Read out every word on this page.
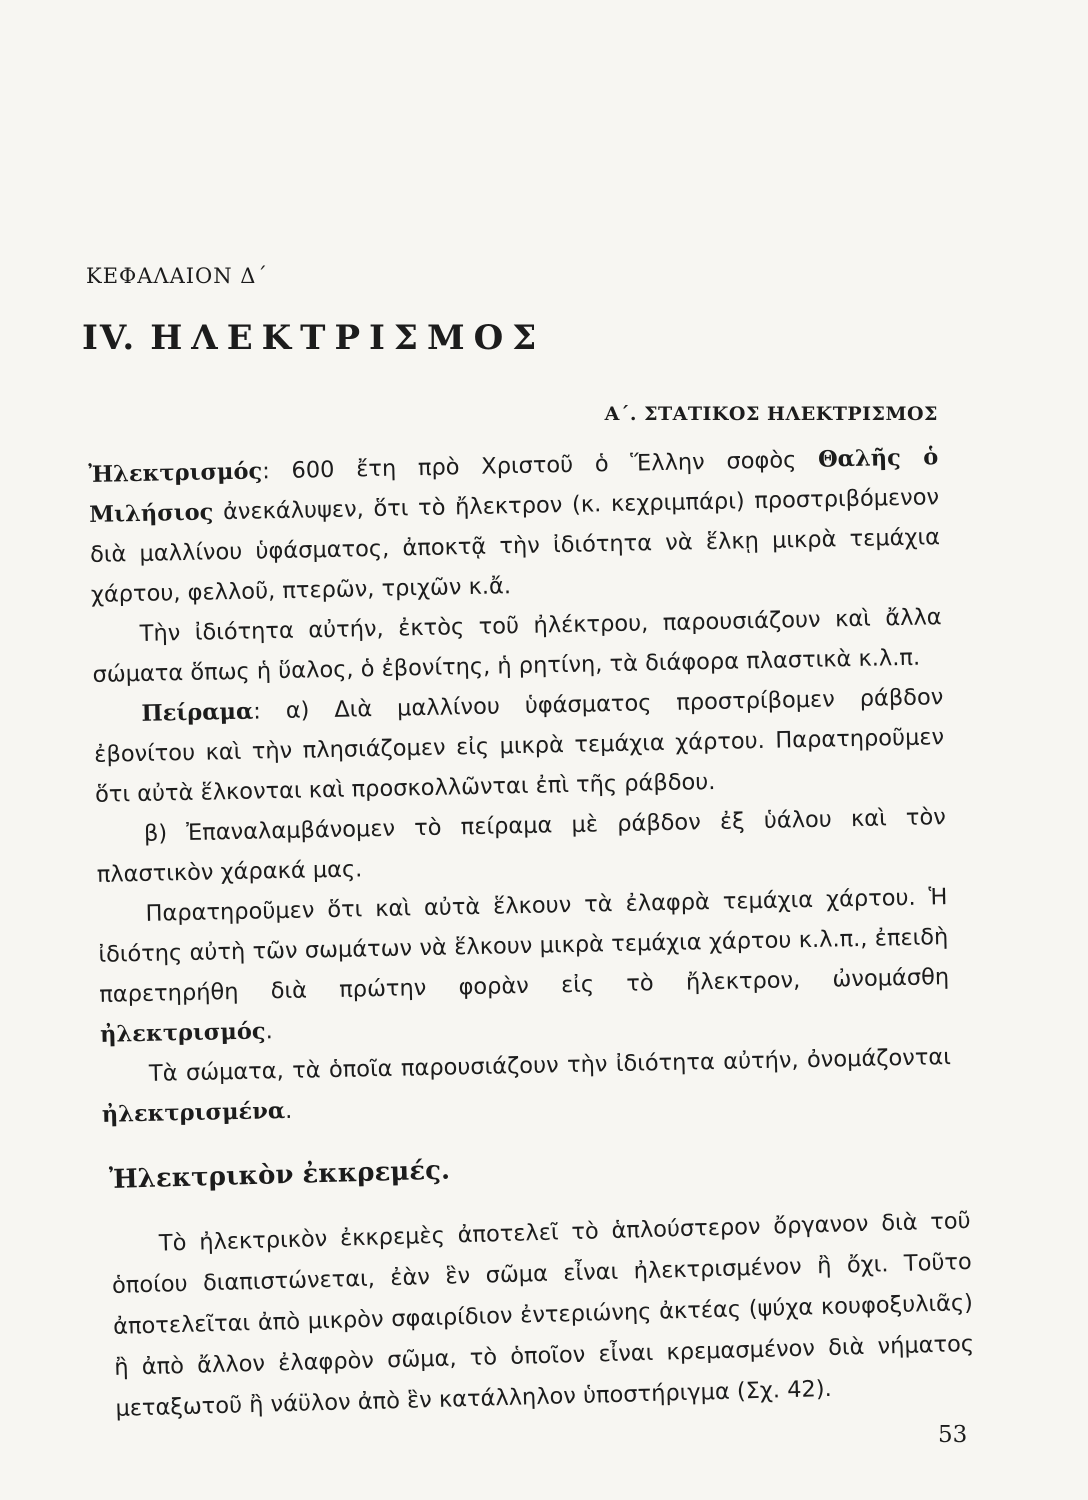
ΚΕΦΑΛΑΙΟΝ Δ΄
IV. ΗΛΕΚΤΡΙΣΜΟΣ
Α΄. ΣΤΑΤΙΚΟΣ ΗΛΕΚΤΡΙΣΜΟΣ

Ἠλεκτρισμός: 600 ἔτη πρὸ Χριστοῦ ὁ Ἕλλην σοφὸς Θαλῆς ὁ Μιλήσιος ἀνεκάλυψεν, ὅτι τὸ ἤλεκτρον (κ. κεχριμπάρι) προστριβόμενον διὰ μαλλίνου ὑφάσματος, ἀποκτᾷ τὴν ἰδιότητα νὰ ἕλκῃ μικρὰ τεμάχια χάρτου, φελλοῦ, πτερῶν, τριχῶν κ.ἄ.

Τὴν ἰδιότητα αὐτήν, ἐκτὸς τοῦ ἠλέκτρου, παρουσιάζουν καὶ ἄλλα σώματα ὅπως ἡ ὕαλος, ὁ ἐβονίτης, ἡ ρητίνη, τὰ διάφορα πλαστικὰ κ.λ.π.

Πείραμα: α) Διὰ μαλλίνου ὑφάσματος προστρίβομεν ράβδον ἐβονίτου καὶ τὴν πλησιάζομεν εἰς μικρὰ τεμάχια χάρτου. Παρατηροῦμεν ὅτι αὐτὰ ἕλκονται καὶ προσκολλῶνται ἐπὶ τῆς ράβδου.

β) Ἐπαναλαμβάνομεν τὸ πείραμα μὲ ράβδον ἐξ ὑάλου καὶ τὸν πλαστικὸν χάρακά μας.

Παρατηροῦμεν ὅτι καὶ αὐτὰ ἕλκουν τὰ ἐλαφρὰ τεμάχια χάρτου. Ἡ ἰδιότης αὐτὴ τῶν σωμάτων νὰ ἕλκουν μικρὰ τεμάχια χάρτου κ.λ.π., ἐπειδὴ παρετηρήθη διὰ πρώτην φορὰν εἰς τὸ ἤλεκτρον, ὠνομάσθη ἠλεκτρισμός.

Τὰ σώματα, τὰ ὁποῖα παρουσιάζουν τὴν ἰδιότητα αὐτήν, ὀνομάζονται ἠλεκτρισμένα.

Ἠλεκτρικὸν ἐκκρεμές.

Τὸ ἠλεκτρικὸν ἐκκρεμὲς ἀποτελεῖ τὸ ἁπλούστερον ὄργανον διὰ τοῦ ὁποίου διαπιστώνεται, ἐὰν ἓν σῶμα εἶναι ἠλεκτρισμένον ἢ ὄχι. Τοῦτο ἀποτελεῖται ἀπὸ μικρὸν σφαιρίδιον ἐντεριώνης ἀκτέας (ψύχα κουφοξυλιᾶς) ἢ ἀπὸ ἄλλον ἐλαφρὸν σῶμα, τὸ ὁποῖον εἶναι κρεμασμένον διὰ νήματος μεταξωτοῦ ἢ νάϋλον ἀπὸ ἓν κατάλληλον ὑποστήριγμα (Σχ. 42).

53
